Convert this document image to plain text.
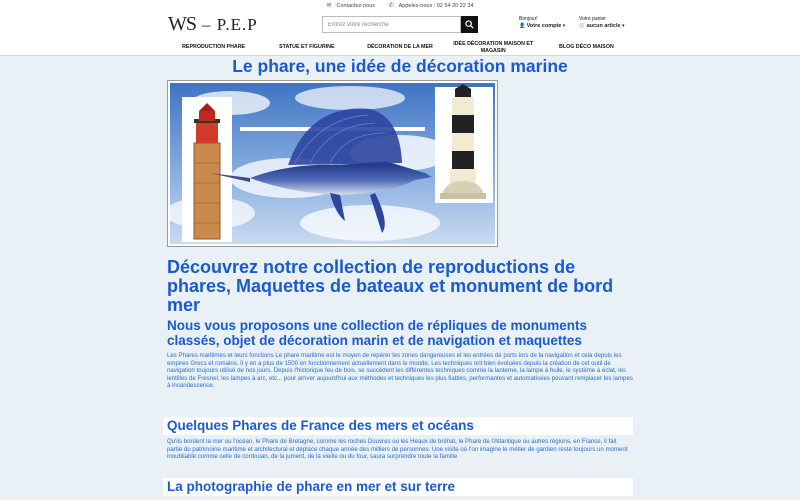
✉ Contactez-nous ✆ Appelez-nous : 02 54 20 22 34
WS – P.E.P
Entrez votre recherche	Bonjour!
👤 Votre compte ▾
Votre panier
🛒 aucun article ▾
REPRODUCTION PHARE	STATUE ET FIGURINE	DÉCORATION DE LA MER
IDÉE DÉCORATION MAISON ET MAGASIN
BLOG DÉCO MAISON
Le phare, une idée de décoration marine
Découvrez notre collection de reproductions de phares, Maquettes de bateaux et monument de bord mer
Nous vous proposons une collection de répliques de monuments classés, objet de décoration marin et de navigation et maquettes
Les Phares maritimes et leurs fonctions Le phare maritime est le moyen de repérer les zones dangereuses et les entrées de ports lors de la navigation et cela depuis les empires Grecs et romains. Il y en a plus de 1500 en fonctionnement actuellement dans le monde. Les techniques ont bien évoluées depuis la création de cet outil de navigation toujours utilisé de nos jours. Depuis l'historique feu de bois, se succèdent les différentes techniques comme la lanterne, la lampe à huile, le système à éclat, les lentilles de Fresnel, les lampes à arc, etc... pour arriver aujourd'hui aux méthodes et techniques les plus fiables, performantes et automatisées pouvant remplacer les lampes à incandescence.
Quelques Phares de France des mers et océans
Qu'ils bordent la mer ou l'océan, le Phare de Bretagne, comme les roches Douvres ou les Heaux de bréhat, le Phare de l'Atlantique ou autres régions, en France, il fait partie du patrimoine maritime et architectural et déplace chaque année des milliers de personnes. Une visite où l'on imagine le métier de gardien reste toujours un moment inoubliable comme celle de cordouan, de la jument, de la vieille ou du four, saura surprendre toute la famille
La photographie de phare en mer et sur terre
